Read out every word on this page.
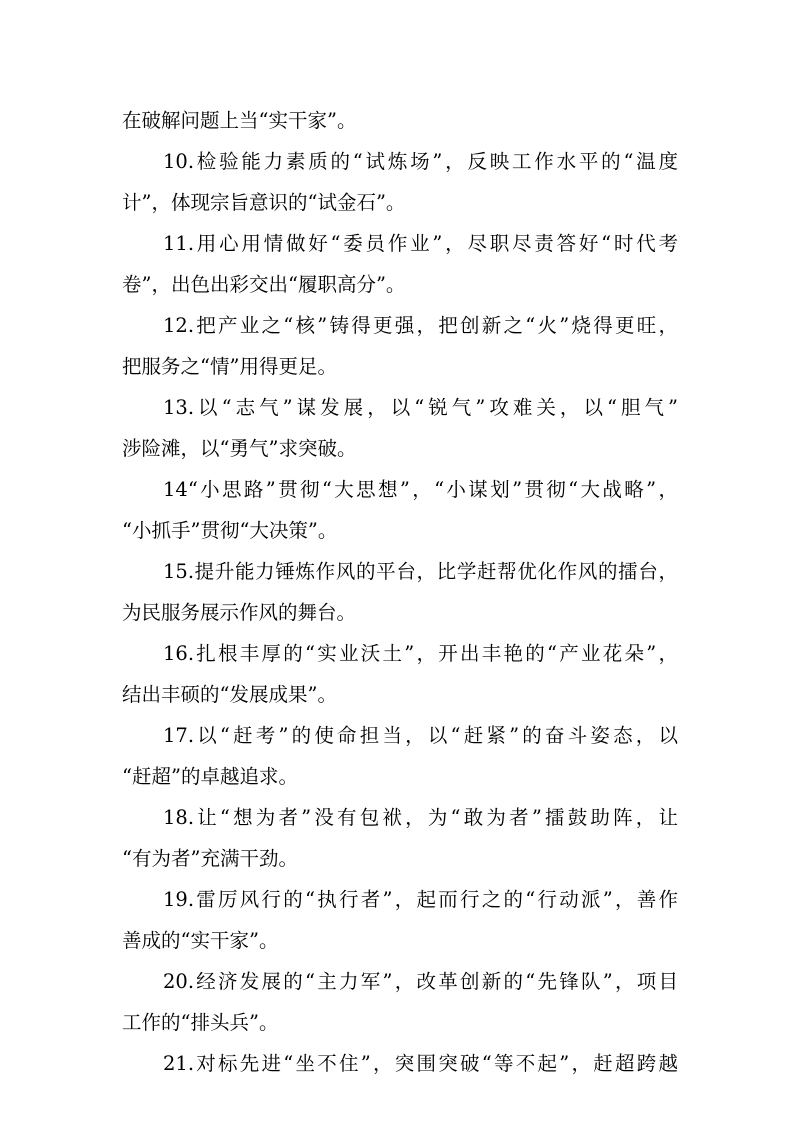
在破解问题上当“实干家”。
10.检验能力素质的“试炼场”，反映工作水平的“温度
计”，体现宗旨意识的“试金石”。
11.用心用情做好“委员作业”，尽职尽责答好“时代考
卷”，出色出彩交出“履职高分”。
12.把产业之“核”铸得更强，把创新之“火”烧得更旺，
把服务之“情”用得更足。
13.以“志气”谋发展，以“锐气”攻难关，以“胆气”
涉险滩，以“勇气”求突破。
14“小思路”贯彻“大思想”，“小谋划”贯彻“大战略”，
“小抓手”贯彻“大决策”。
15.提升能力锤炼作风的平台，比学赶帮优化作风的擂台，
为民服务展示作风的舞台。
16.扎根丰厚的“实业沃土”，开出丰艳的“产业花朵”，
结出丰硕的“发展成果”。
17.以“赶考”的使命担当，以“赶紧”的奋斗姿态，以
“赶超”的卓越追求。
18.让“想为者”没有包袱，为“敢为者”擂鼓助阵，让
“有为者”充满干劲。
19.雷厉风行的“执行者”，起而行之的“行动派”，善作
善成的“实干家”。
20.经济发展的“主力军”，改革创新的“先锋队”，项目
工作的“排头兵”。
21.对标先进“坐不住”，突围突破“等不起”，赶超跨越
